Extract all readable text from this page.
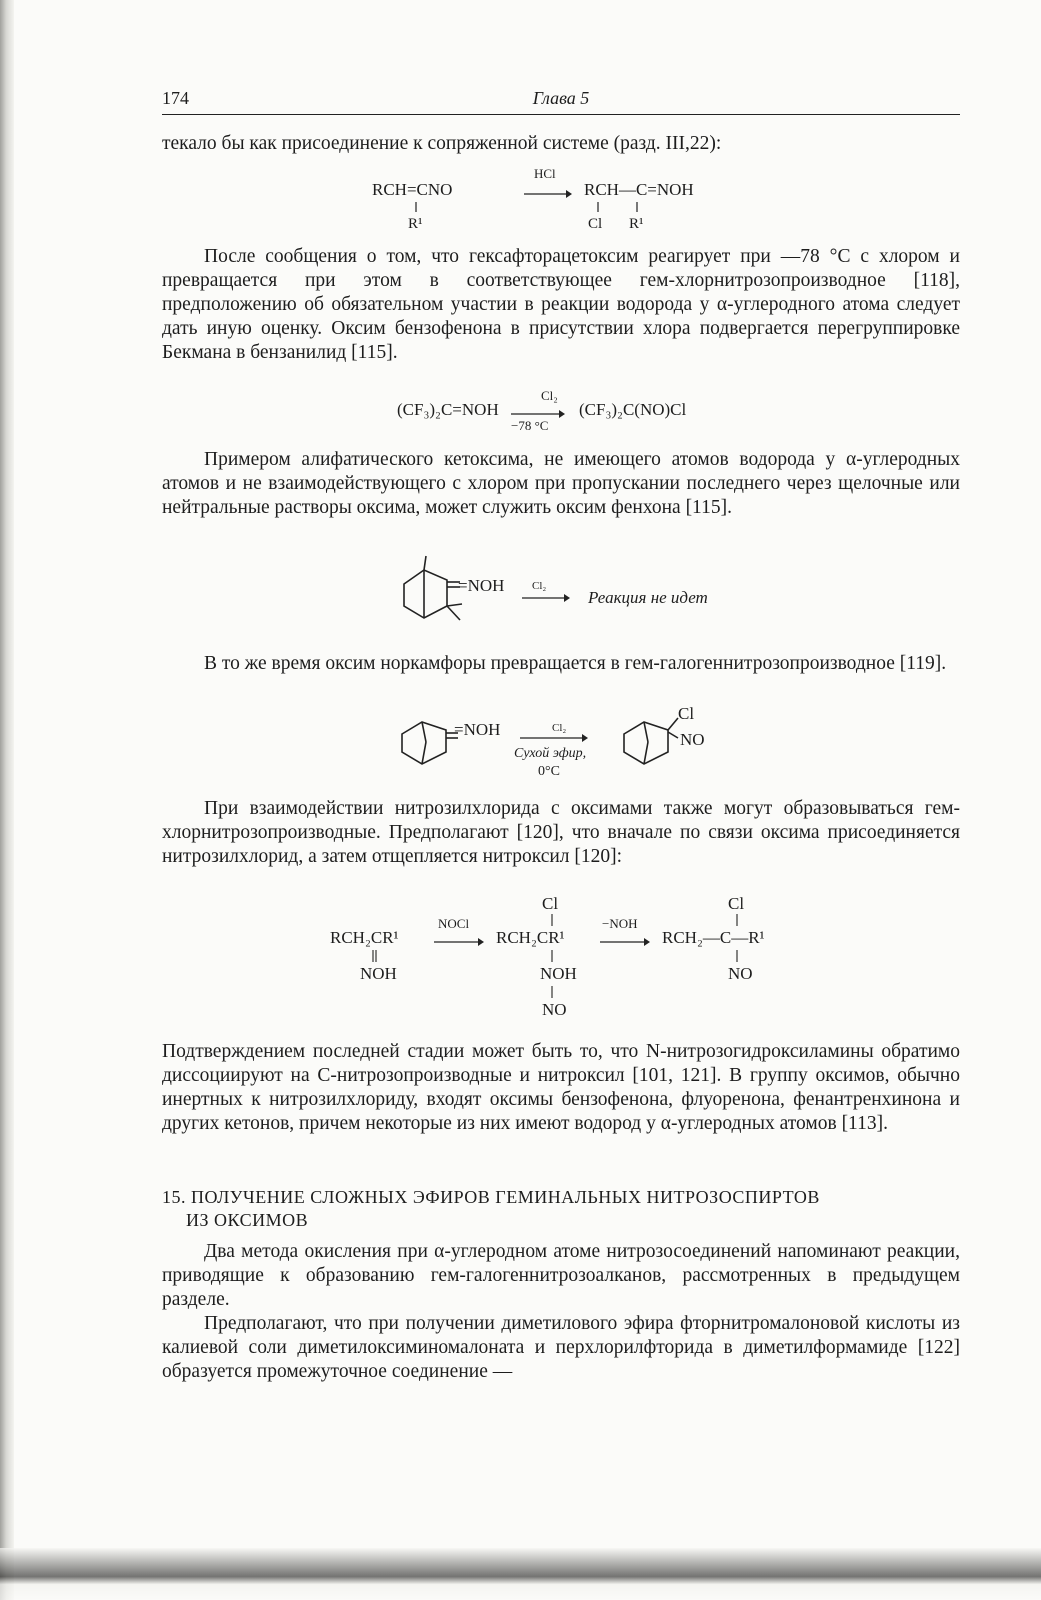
174	Глава 5

текало бы как присоединение к сопряженной системе (разд. III,22):

HCl
RCH=CNO	→ RCH—C=NOH
R¹	Cl R¹

После сообщения о том, что гексафторацетоксим реагирует при —78 °С с хлором и превращается при этом в соответствующее гем-хлорнитрозопроизводное [118], предположению об обязательном участии в реакции водорода у α-углеродного атома следует дать иную оценку. Оксим бензофенона в присутствии хлора подвергается перегруппировке Бекмана в бензанилид [115].

(CF₃)₂C=NOH
Cl₂
−78 °C
(CF₃)₂C(NO)Cl

Примером алифатического кетоксима, не имеющего атомов водорода у α-углеродных атомов и не взаимодействующего с хлором при пропускании последнего через щелочные или нейтральные растворы оксима, может служить оксим фенхона [115].

=NOH	Cl₂
→ Реакция не идет

В то же время оксим норкамфоры превращается в гем-галогеннитрозопроизводное [119].

=NOH	Cl₂
Сухой эфир,
0°C
Cl
NO

При взаимодействии нитрозилхлорида с оксимами также могут образовываться гем-хлорнитрозопроизводные. Предполагают [120], что вначале по связи оксима присоединяется нитрозилхлорид, а затем отщепляется нитроксил [120]:

RCH₂CR¹
NOH
NOCl
Cl
RCH₂CR¹
NOH
NO
−NOH
Cl
RCH₂—C—R¹
NO

Подтверждением последней стадии может быть то, что N-нитрозогидроксиламины обратимо диссоциируют на С-нитрозопроизводные и нитроксил [101, 121]. В группу оксимов, обычно инертных к нитрозилхлориду, входят оксимы бензофенона, флуоренона, фенантренхинона и других кетонов, причем некоторые из них имеют водород у α-углеродных атомов [113].

15. ПОЛУЧЕНИЕ СЛОЖНЫХ ЭФИРОВ ГЕМИНАЛЬНЫХ НИТРОЗОСПИРТОВ
ИЗ ОКСИМОВ

Два метода окисления при α-углеродном атоме нитрозосоединений напоминают реакции, приводящие к образованию гем-галогеннитрозоалканов, рассмотренных в предыдущем разделе.

Предполагают, что при получении диметилового эфира фторнитромалоновой кислоты из калиевой соли диметилоксиминомалоната и перхлорилфторида в диметилформамиде [122] образуется промежуточное соединение —
